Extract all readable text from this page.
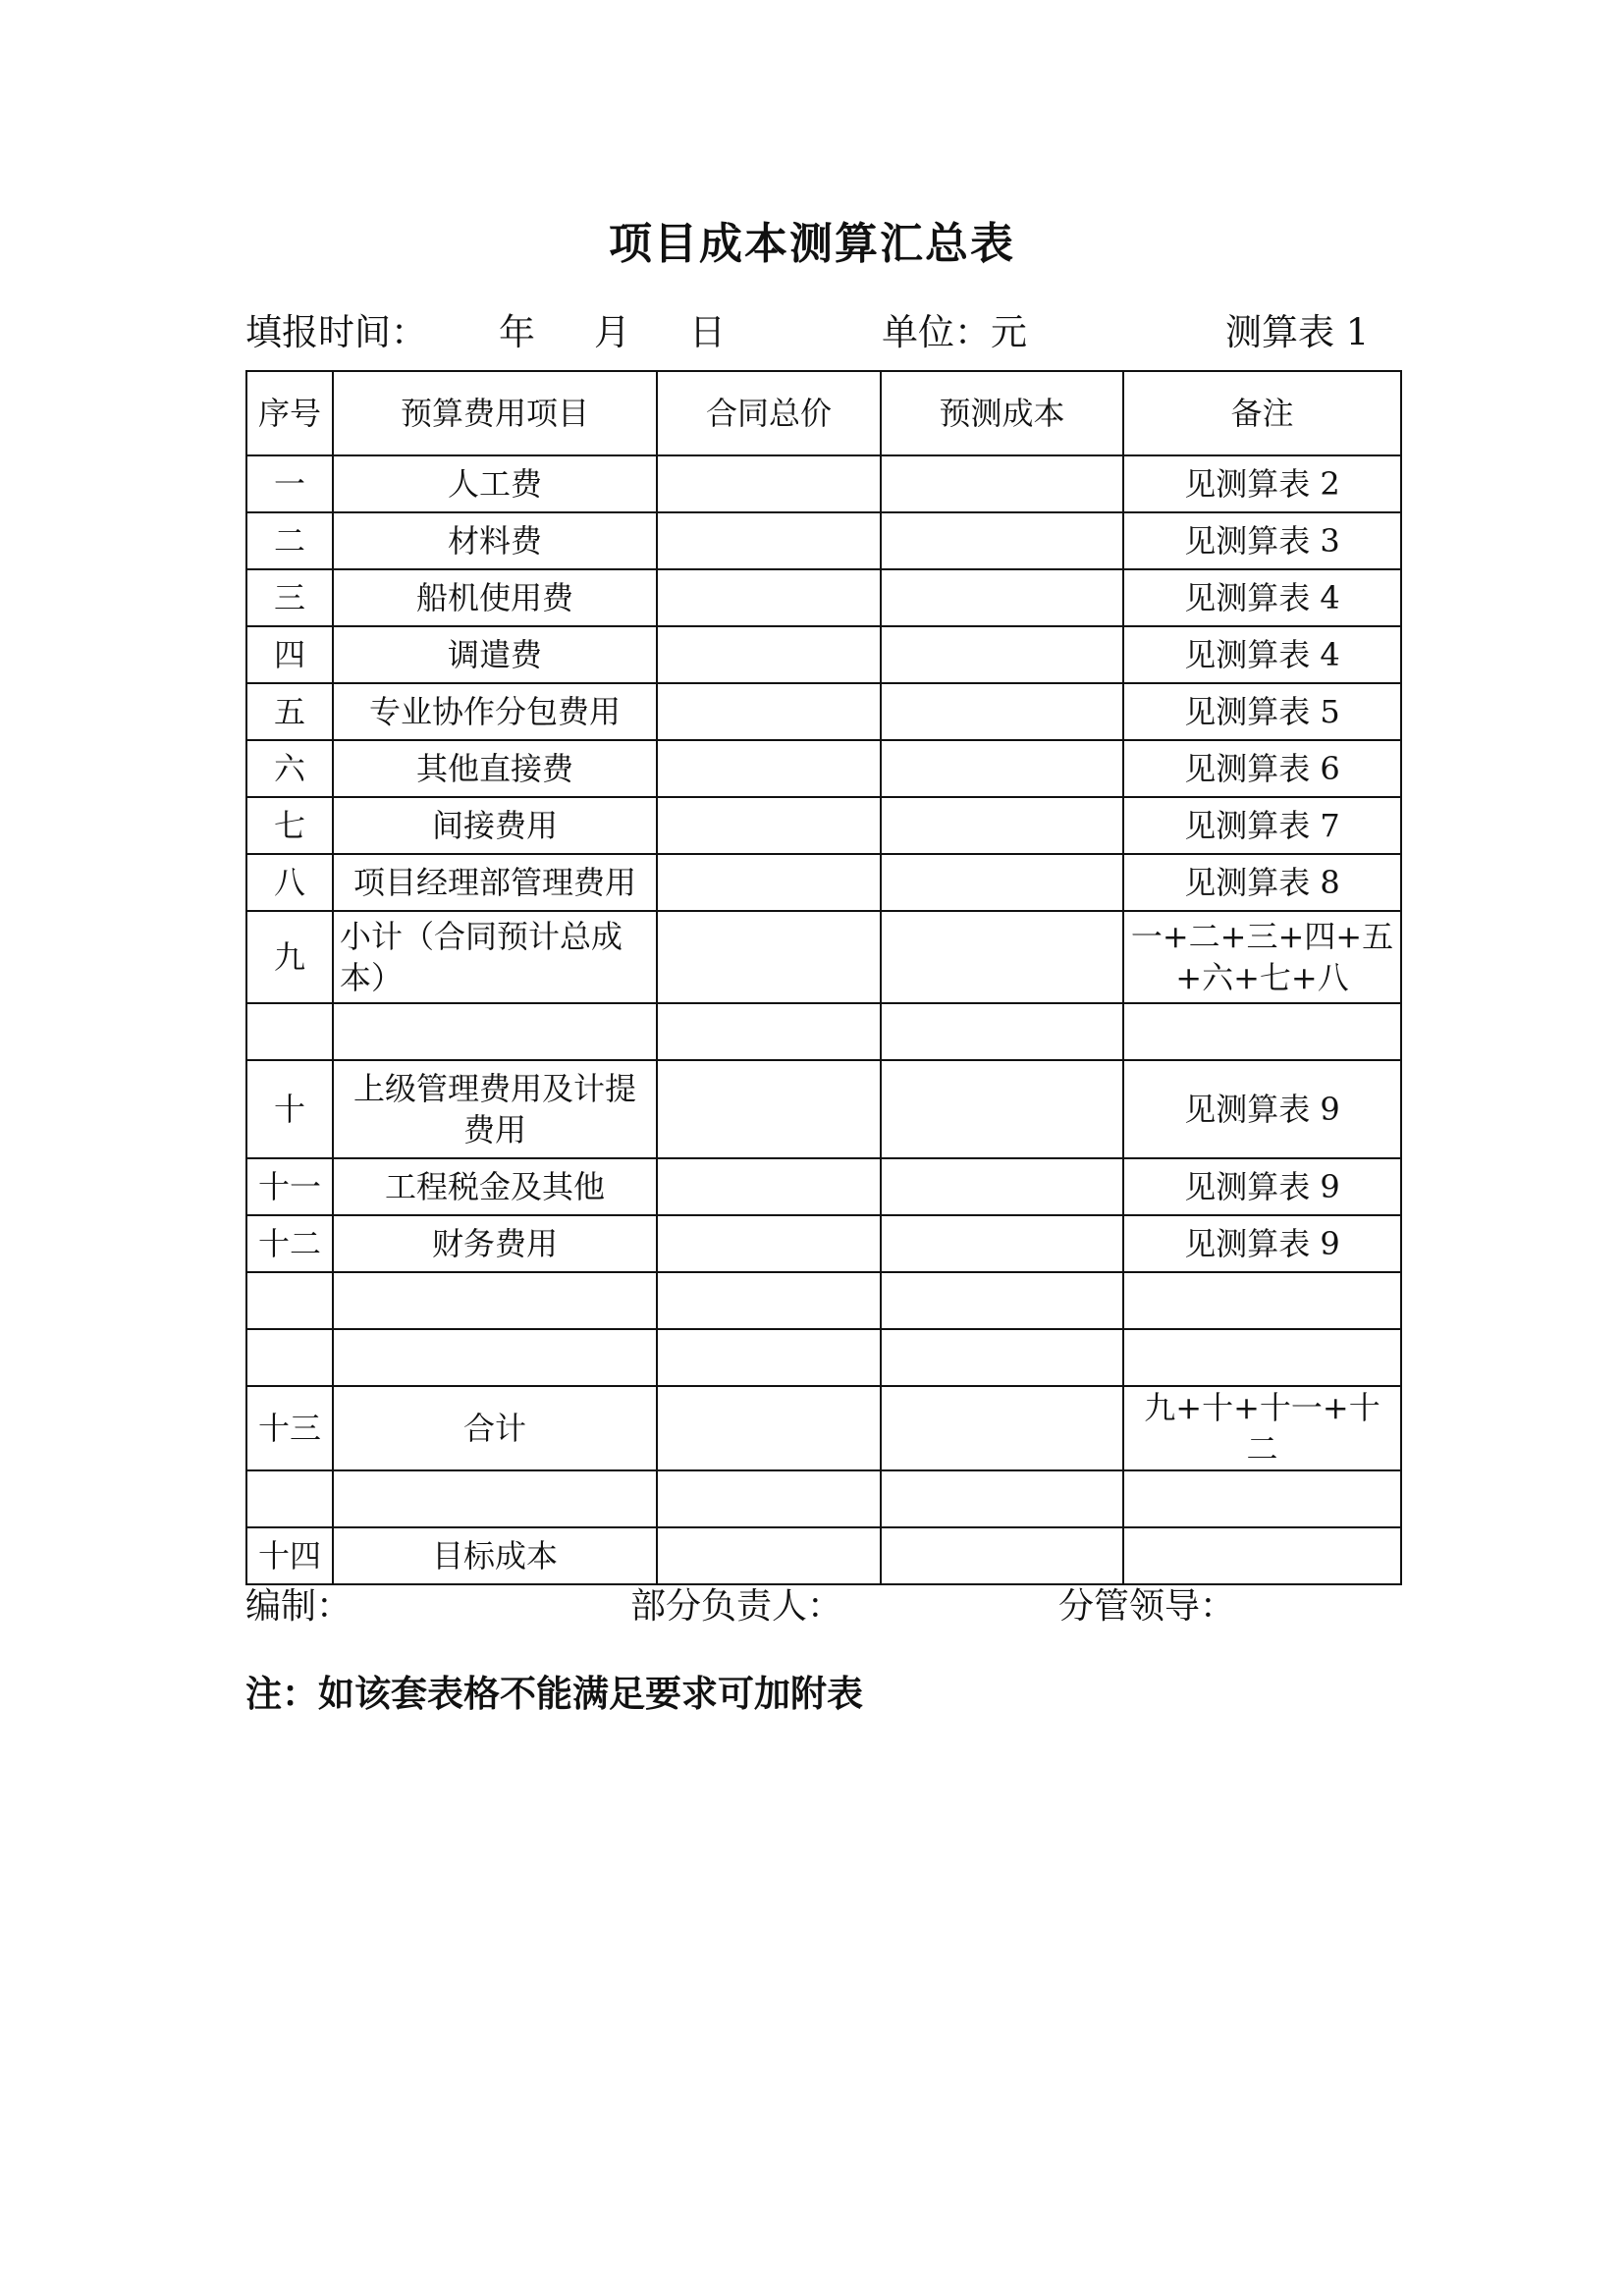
项目成本测算汇总表
填报时间： 年 月 日	单位：元	测算表 1
序号	预算费用项目	合同总价	预测成本	备注
一	人工费			见测算表 2
二	材料费			见测算表 3
三	船机使用费			见测算表 4
四	调遣费			见测算表 4
五	专业协作分包费用			见测算表 5
六	其他直接费			见测算表 6
七	间接费用			见测算表 7
八	项目经理部管理费用			见测算表 8
九	小计（合同预计总成本）			一+二+三+四+五+六+七+八

十	上级管理费用及计提费用			见测算表 9
十一	工程税金及其他			见测算表 9
十二	财务费用			见测算表 9

十三	合计			九+十+十一+十二

十四	目标成本			
编制：	部分负责人：	分管领导：
注：如该套表格不能满足要求可加附表
